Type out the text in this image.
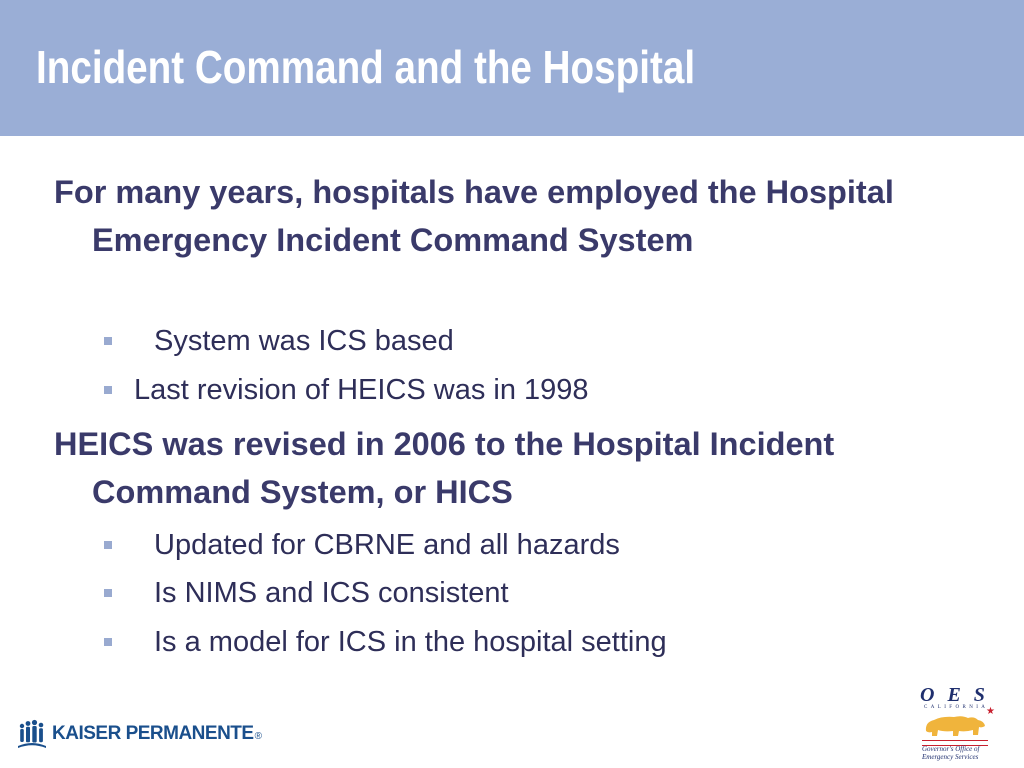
Incident Command and the Hospital

For many years, hospitals have employed the Hospital Emergency Incident Command System

System was ICS based
Last revision of HEICS was in 1998

HEICS was revised in 2006 to the Hospital Incident Command System, or HICS

Updated for CBRNE and all hazards
Is NIMS and ICS consistent
Is a model for ICS in the hospital setting
KAISER PERMANENTE ®
O E S
CALIFORNIA
★
Governor's Office of
Emergency Services
